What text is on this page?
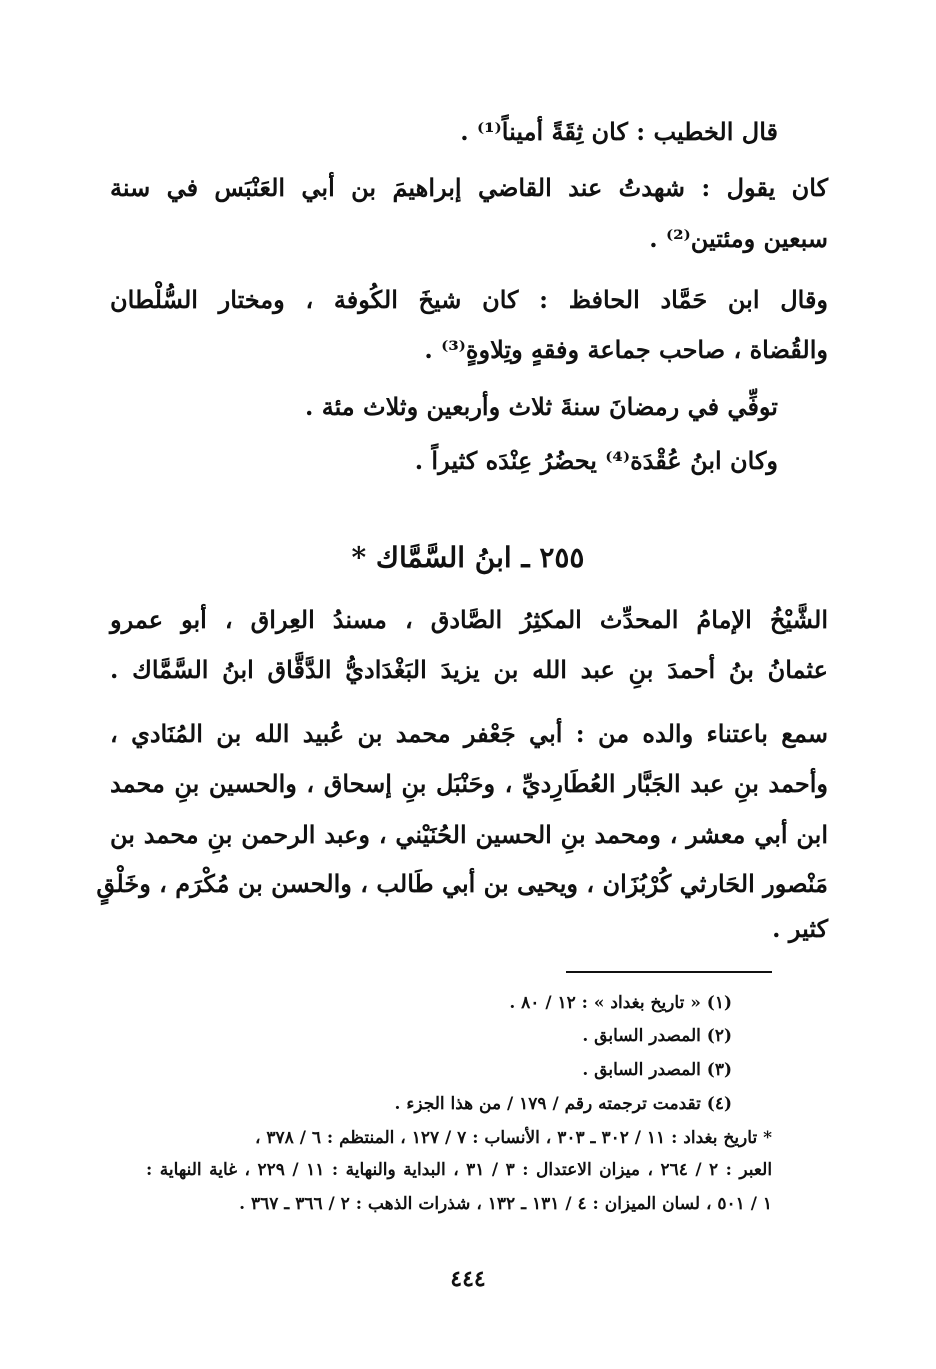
قال الخطيب : كان ثِقَةً أميناً⁽¹⁾ .
كان يقول : شهدتُ عند القاضي إبراهيمَ بن أبي العَنْبَس في سنة
سبعين ومئتين⁽²⁾ .
وقال ابن حَمَّاد الحافظ : كان شيخَ الكُوفة ، ومختار السُّلْطان
والقُضاة ، صاحب جماعة وفقهٍ وتِلاوةٍ⁽³⁾ .
توفِّي في رمضانَ سنةَ ثلاث وأربعين وثلاث مئة .
وكان ابنُ عُقْدَة⁽⁴⁾ يحضُرُ عِنْدَه كثيراً .
٢٥٥ ـ ابنُ السَّمَّاك *
الشَّيْخُ الإمامُ المحدِّث المكثِرُ الصَّادق ، مسندُ العِراق ، أبو عمرو
عثمانُ بنُ أحمدَ بنِ عبد الله بن يزيدَ البَغْدَاديُّ الدَّقَّاق ابنُ السَّمَّاك .
سمع باعتناء والده من : أبي جَعْفر محمد بن عُبيد الله بن المُنَادي ،
وأحمد بنِ عبد الجَبَّار العُطَارِديِّ ، وحَنْبَل بنِ إسحاق ، والحسين بنِ محمد
ابن أبي معشر ، ومحمد بنِ الحسين الحُنَيْني ، وعبد الرحمن بنِ محمد بن
مَنْصور الحَارثي كُرْبُزَان ، ويحيى بن أبي طَالب ، والحسن بن مُكْرَم ، وخَلْقٍ
كثير .
(١) « تاريخ بغداد » : ١٢ / ٨٠ .
(٢) المصدر السابق .
(٣) المصدر السابق .
(٤) تقدمت ترجمته رقم / ١٧٩ / من هذا الجزء .
* تاريخ بغداد : ١١ / ٣٠٢ ـ ٣٠٣ ، الأنساب : ٧ / ١٢٧ ، المنتظم : ٦ / ٣٧٨ ،
العبر : ٢ / ٢٦٤ ، ميزان الاعتدال : ٣ / ٣١ ، البداية والنهاية : ١١ / ٢٢٩ ، غاية النهاية :
١ / ٥٠١ ، لسان الميزان : ٤ / ١٣١ ـ ١٣٢ ، شذرات الذهب : ٢ / ٣٦٦ ـ ٣٦٧ .
٤٤٤
